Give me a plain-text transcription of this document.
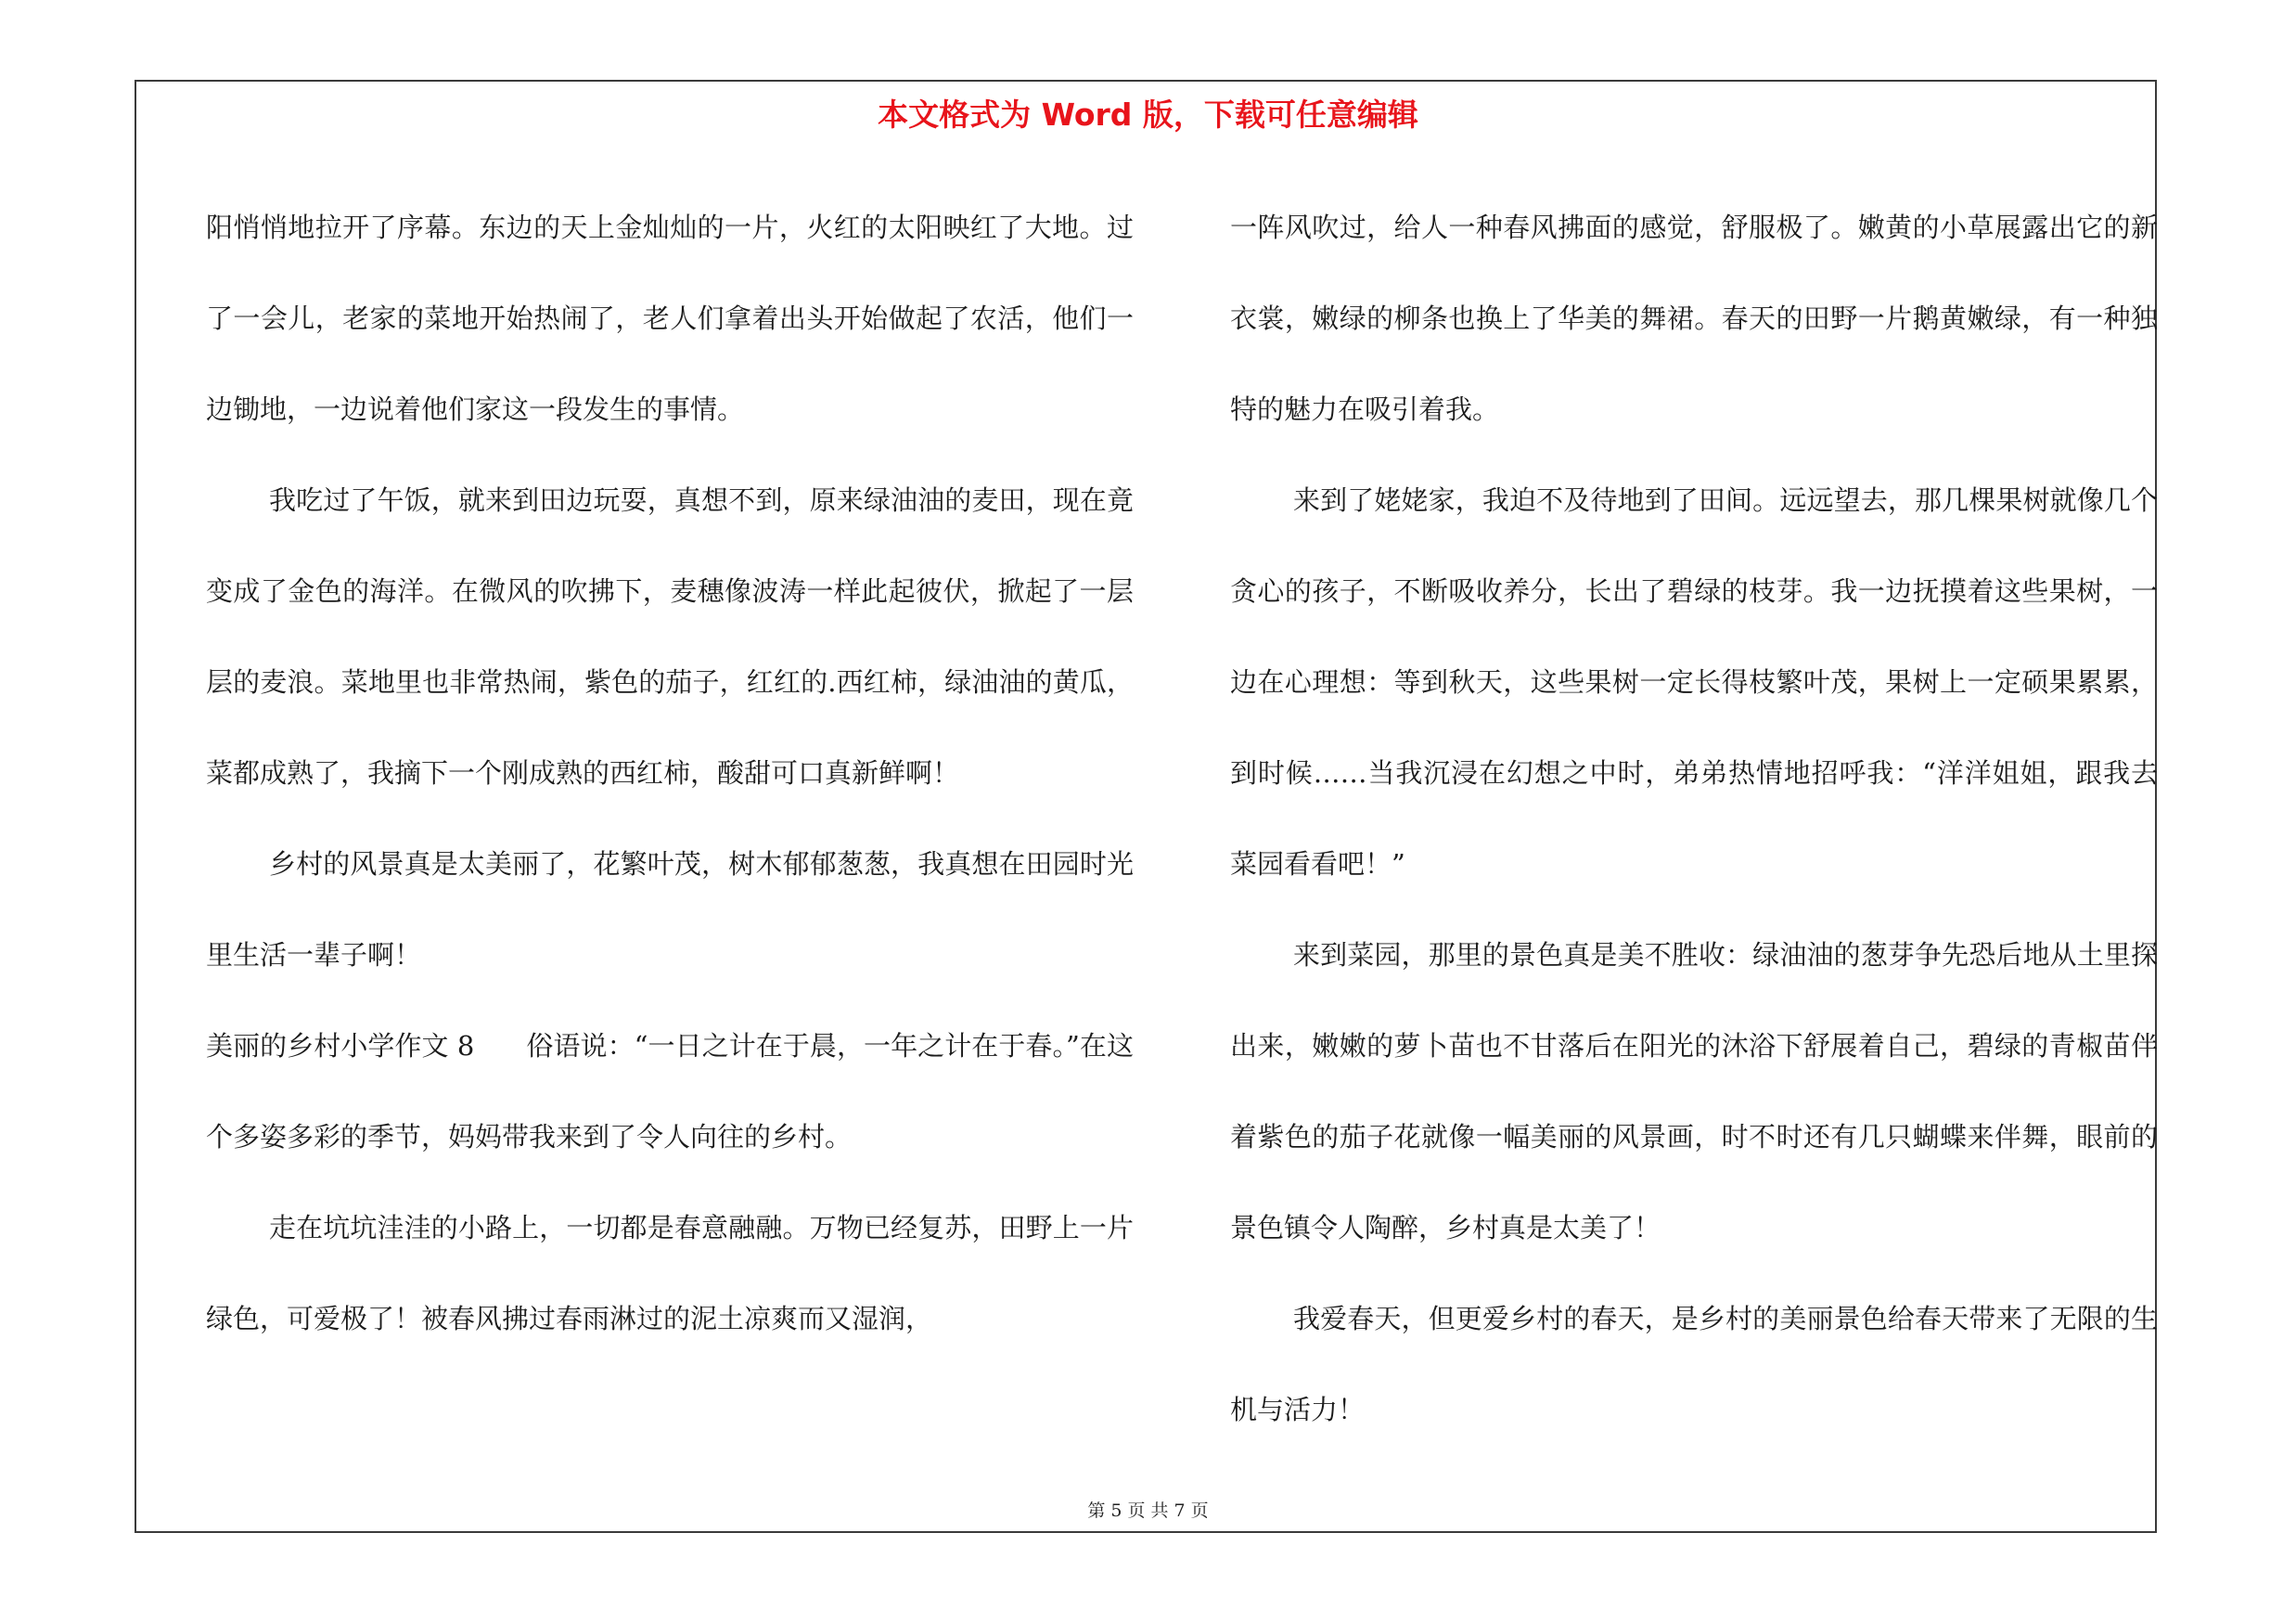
本文格式为 Word 版，下载可任意编辑

阳悄悄地拉开了序幕。东边的天上金灿灿的一片，火红的太阳映红了大地。过了一会儿，老家的菜地开始热闹了，老人们拿着出头开始做起了农活，他们一边锄地，一边说着他们家这一段发生的事情。

我吃过了午饭，就来到田边玩耍，真想不到，原来绿油油的麦田，现在竟变成了金色的海洋。在微风的吹拂下，麦穗像波涛一样此起彼伏，掀起了一层层的麦浪。菜地里也非常热闹，紫色的茄子，红红的.西红柿，绿油油的黄瓜，菜都成熟了，我摘下一个刚成熟的西红柿，酸甜可口真新鲜啊！

乡村的风景真是太美丽了，花繁叶茂，树木郁郁葱葱，我真想在田园时光里生活一辈子啊！

美丽的乡村小学作文 8 俗语说：“一日之计在于晨，一年之计在于春。”在这个多姿多彩的季节，妈妈带我来到了令人向往的乡村。

走在坑坑洼洼的小路上，一切都是春意融融。万物已经复苏，田野上一片绿色，可爱极了！被春风拂过春雨淋过的泥土凉爽而又湿润，

一阵风吹过，给人一种春风拂面的感觉，舒服极了。嫩黄的小草展露出它的新衣裳，嫩绿的柳条也换上了华美的舞裙。春天的田野一片鹅黄嫩绿，有一种独特的魅力在吸引着我。

来到了姥姥家，我迫不及待地到了田间。远远望去，那几棵果树就像几个贪心的孩子，不断吸收养分，长出了碧绿的枝芽。我一边抚摸着这些果树，一边在心理想：等到秋天，这些果树一定长得枝繁叶茂，果树上一定硕果累累，到时候……当我沉浸在幻想之中时，弟弟热情地招呼我：“洋洋姐姐，跟我去菜园看看吧！”

来到菜园，那里的景色真是美不胜收：绿油油的葱芽争先恐后地从土里探出来，嫩嫩的萝卜苗也不甘落后在阳光的沐浴下舒展着自己，碧绿的青椒苗伴着紫色的茄子花就像一幅美丽的风景画，时不时还有几只蝴蝶来伴舞，眼前的景色镇令人陶醉，乡村真是太美了！

我爱春天，但更爱乡村的春天，是乡村的美丽景色给春天带来了无限的生机与活力！

第 5 页 共 7 页
